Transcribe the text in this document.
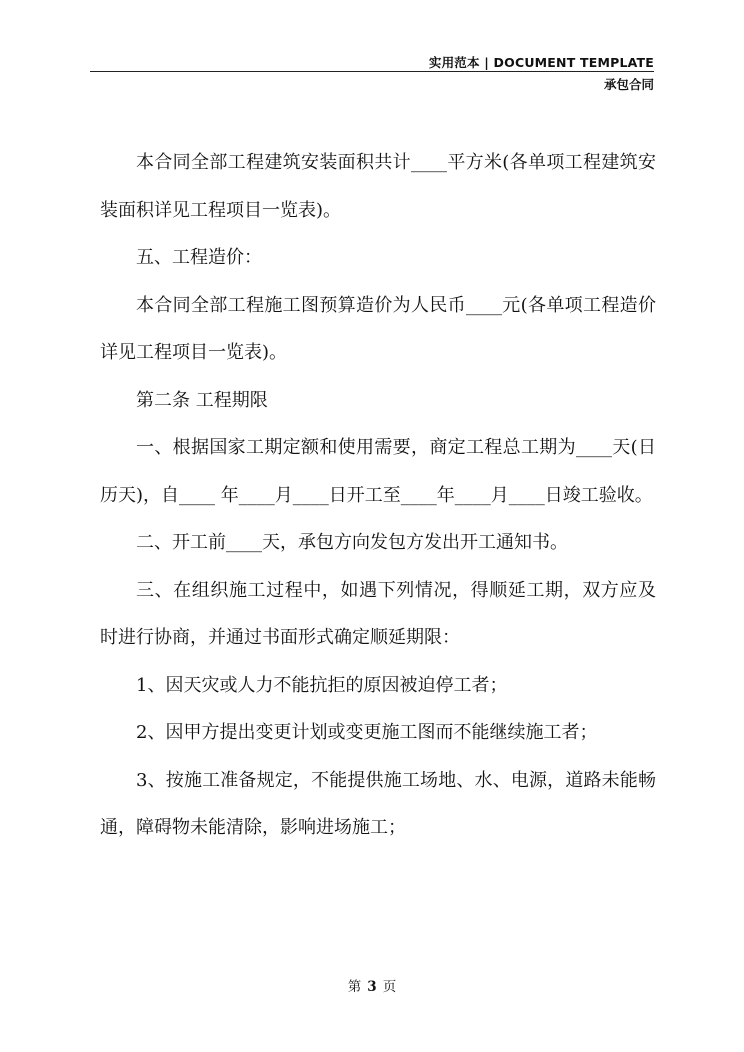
实用范本 | DOCUMENT TEMPLATE
承包合同

本合同全部工程建筑安装面积共计____平方米(各单项工程建筑安装面积详见工程项目一览表)。

五、工程造价：

本合同全部工程施工图预算造价为人民币____元(各单项工程造价详见工程项目一览表)。

第二条 工程期限

一、根据国家工期定额和使用需要，商定工程总工期为____天(日历天)，自____ 年____月____日开工至____年____月____日竣工验收。

二、开工前____天，承包方向发包方发出开工通知书。

三、在组织施工过程中，如遇下列情况，得顺延工期，双方应及时进行协商，并通过书面形式确定顺延期限：

1、因天灾或人力不能抗拒的原因被迫停工者；

2、因甲方提出变更计划或变更施工图而不能继续施工者；

3、按施工准备规定，不能提供施工场地、水、电源，道路未能畅通，障碍物未能清除，影响进场施工；

第 3 页
